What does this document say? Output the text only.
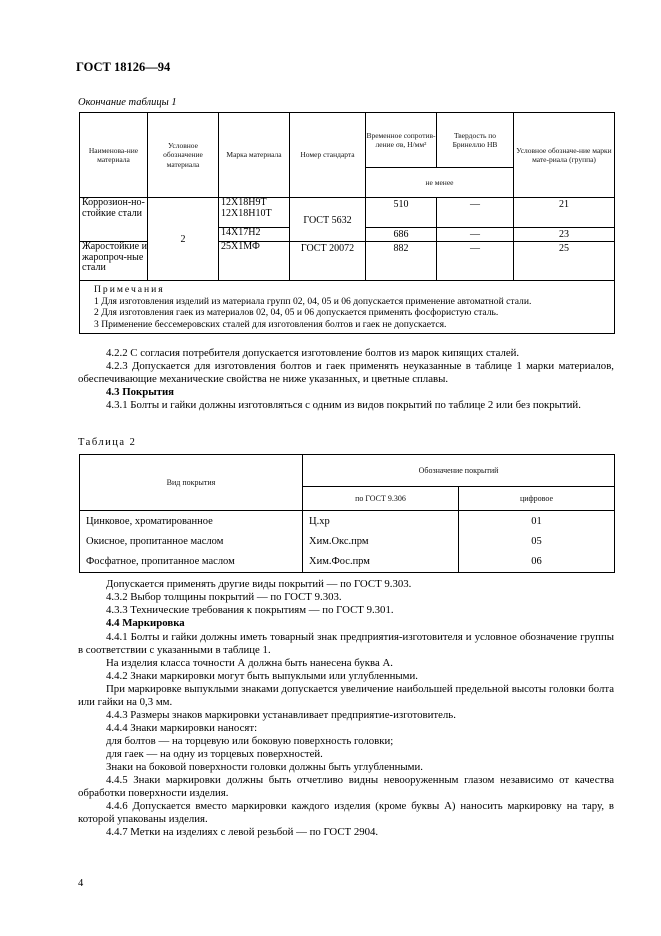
ГОСТ 18126—94
Окончание таблицы 1
Наименова-ние материала	Условное обозначение материала	Марка материала	Номер стандарта	Временное сопротив-ление σв, Н/мм²	Твердость по Бринеллю НВ	Условное обозначе-ние марки мате-риала (группа)
				не менее		
Коррозион-но-стойкие стали	2	12Х18Н9Т 12Х18Н10Т	ГОСТ 5632	510	—	21
		14Х17Н2		686	—	23
Жаростойкие и жаропроч-ные стали		25Х1МФ	ГОСТ 20072	882	—	25

Примечания
1 Для изготовления изделий из материала групп 02, 04, 05 и 06 допускается применение автоматной стали.
2 Для изготовления гаек из материалов 02, 04, 05 и 06 допускается применять фосфористую сталь.
3 Применение бессемеровских сталей для изготовления болтов и гаек не допускается.						
4.2.2 С согласия потребителя допускается изготовление болтов из марок кипящих сталей.
4.2.3 Допускается для изготовления болтов и гаек применять неуказанные в таблице 1 марки материалов, обеспечивающие механические свойства не ниже указанных, и цветные сплавы.
4.3 Покрытия
4.3.1 Болты и гайки должны изготовляться с одним из видов покрытий по таблице 2 или без покрытий.
Таблица 2
Вид покрытия	Обозначение покрытий	
	по ГОСТ 9.306	цифровое
Цинковое, хроматированное	Ц.хр	01
Окисное, пропитанное маслом	Хим.Окс.прм	05
Фосфатное, пропитанное маслом	Хим.Фос.прм	06
Допускается применять другие виды покрытий — по ГОСТ 9.303.
4.3.2 Выбор толщины покрытий — по ГОСТ 9.303.
4.3.3 Технические требования к покрытиям — по ГОСТ 9.301.
4.4 Маркировка
4.4.1 Болты и гайки должны иметь товарный знак предприятия-изготовителя и условное обозначение группы в соответствии с указанными в таблице 1.
На изделия класса точности А должна быть нанесена буква А.
4.4.2 Знаки маркировки могут быть выпуклыми или углубленными.
При маркировке выпуклыми знаками допускается увеличение наибольшей предельной высоты головки болта или гайки на 0,3 мм.
4.4.3 Размеры знаков маркировки устанавливает предприятие-изготовитель.
4.4.4 Знаки маркировки наносят:
для болтов — на торцевую или боковую поверхность головки;
для гаек — на одну из торцевых поверхностей.
Знаки на боковой поверхности головки должны быть углубленными.
4.4.5 Знаки маркировки должны быть отчетливо видны невооруженным глазом независимо от качества обработки поверхности изделия.
4.4.6 Допускается вместо маркировки каждого изделия (кроме буквы А) наносить маркировку на тару, в которой упакованы изделия.
4.4.7 Метки на изделиях с левой резьбой — по ГОСТ 2904.
4
